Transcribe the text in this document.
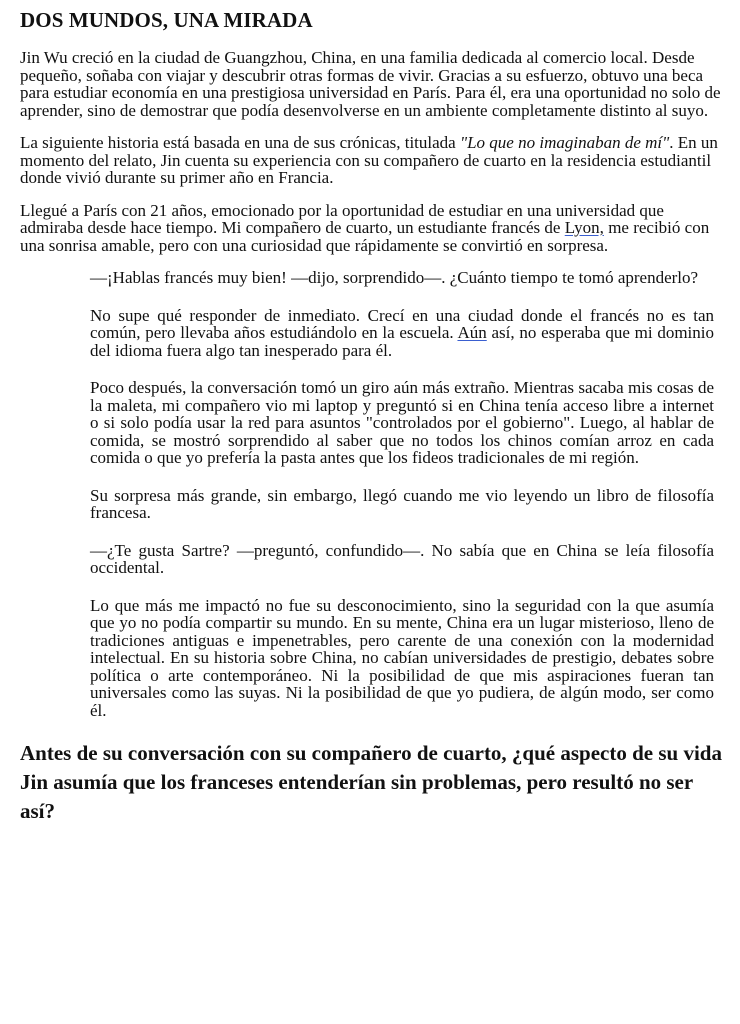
DOS MUNDOS, UNA MIRADA

Jin Wu creció en la ciudad de Guangzhou, China, en una familia dedicada al comercio local. Desde pequeño, soñaba con viajar y descubrir otras formas de vivir. Gracias a su esfuerzo, obtuvo una beca para estudiar economía en una prestigiosa universidad en París. Para él, era una oportunidad no solo de aprender, sino de demostrar que podía desenvolverse en un ambiente completamente distinto al suyo.

La siguiente historia está basada en una de sus crónicas, titulada "Lo que no imaginaban de mí". En un momento del relato, Jin cuenta su experiencia con su compañero de cuarto en la residencia estudiantil donde vivió durante su primer año en Francia.

Llegué a París con 21 años, emocionado por la oportunidad de estudiar en una universidad que admiraba desde hace tiempo. Mi compañero de cuarto, un estudiante francés de Lyon, me recibió con una sonrisa amable, pero con una curiosidad que rápidamente se convirtió en sorpresa.

—¡Hablas francés muy bien! —dijo, sorprendido—. ¿Cuánto tiempo te tomó aprenderlo?

No supe qué responder de inmediato. Crecí en una ciudad donde el francés no es tan común, pero llevaba años estudiándolo en la escuela. Aún así, no esperaba que mi dominio del idioma fuera algo tan inesperado para él.

Poco después, la conversación tomó un giro aún más extraño. Mientras sacaba mis cosas de la maleta, mi compañero vio mi laptop y preguntó si en China tenía acceso libre a internet o si solo podía usar la red para asuntos "controlados por el gobierno". Luego, al hablar de comida, se mostró sorprendido al saber que no todos los chinos comían arroz en cada comida o que yo prefería la pasta antes que los fideos tradicionales de mi región.

Su sorpresa más grande, sin embargo, llegó cuando me vio leyendo un libro de filosofía francesa.

—¿Te gusta Sartre? —preguntó, confundido—. No sabía que en China se leía filosofía occidental.

Lo que más me impactó no fue su desconocimiento, sino la seguridad con la que asumía que yo no podía compartir su mundo. En su mente, China era un lugar misterioso, lleno de tradiciones antiguas e impenetrables, pero carente de una conexión con la modernidad intelectual. En su historia sobre China, no cabían universidades de prestigio, debates sobre política o arte contemporáneo. Ni la posibilidad de que mis aspiraciones fueran tan universales como las suyas. Ni la posibilidad de que yo pudiera, de algún modo, ser como él.

Antes de su conversación con su compañero de cuarto, ¿qué aspecto de su vida Jin asumía que los franceses entenderían sin problemas, pero resultó no ser así?
